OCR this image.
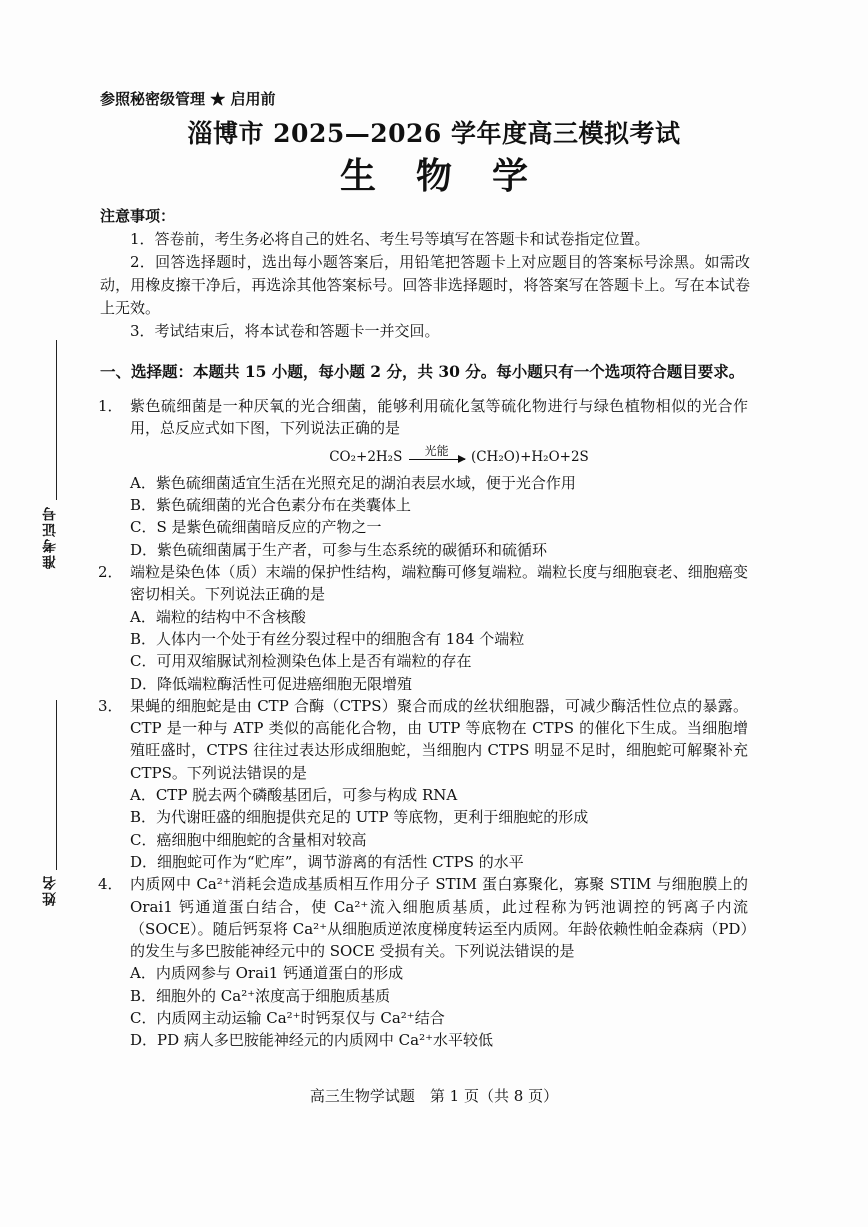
参照秘密级管理 ★ 启用前
淄博市 2025—2026 学年度高三模拟考试
生物学
注意事项：

1．答卷前，考生务必将自己的姓名、考生号等填写在答题卡和试卷指定位置。

2．回答选择题时，选出每小题答案后，用铅笔把答题卡上对应题目的答案标号涂黑。如需改动，用橡皮擦干净后，再选涂其他答案标号。回答非选择题时，将答案写在答题卡上。写在本试卷上无效。

3．考试结束后，将本试卷和答题卡一并交回。

一、选择题：本题共 15 小题，每小题 2 分，共 30 分。每小题只有一个选项符合题目要求。
1． 紫色硫细菌是一种厌氧的光合细菌，能够利用硫化氢等硫化物进行与绿色植物相似的光合作用，总反应式如下图，下列说法正确的是
CO₂+2H₂S	光能	(CH₂O)+H₂O+2S
A．紫色硫细菌适宜生活在光照充足的湖泊表层水域，便于光合作用
B．紫色硫细菌的光合色素分布在类囊体上
C．S 是紫色硫细菌暗反应的产物之一
D．紫色硫细菌属于生产者，可参与生态系统的碳循环和硫循环
2． 端粒是染色体（质）末端的保护性结构，端粒酶可修复端粒。端粒长度与细胞衰老、细胞癌变密切相关。下列说法正确的是
A．端粒的结构中不含核酸
B．人体内一个处于有丝分裂过程中的细胞含有 184 个端粒
C．可用双缩脲试剂检测染色体上是否有端粒的存在
D．降低端粒酶活性可促进癌细胞无限增殖
3． 果蝇的细胞蛇是由 CTP 合酶（CTPS）聚合而成的丝状细胞器，可减少酶活性位点的暴露。CTP 是一种与 ATP 类似的高能化合物，由 UTP 等底物在 CTPS 的催化下生成。当细胞增殖旺盛时，CTPS 往往过表达形成细胞蛇，当细胞内 CTPS 明显不足时，细胞蛇可解聚补充 CTPS。下列说法错误的是
A．CTP 脱去两个磷酸基团后，可参与构成 RNA
B．为代谢旺盛的细胞提供充足的 UTP 等底物，更利于细胞蛇的形成
C．癌细胞中细胞蛇的含量相对较高
D．细胞蛇可作为“贮库”，调节游离的有活性 CTPS 的水平
4． 内质网中 Ca²⁺消耗会造成基质相互作用分子 STIM 蛋白寡聚化，寡聚 STIM 与细胞膜上的 Orai1 钙通道蛋白结合，使 Ca²⁺流入细胞质基质，此过程称为钙池调控的钙离子内流（SOCE）。随后钙泵将 Ca²⁺从细胞质逆浓度梯度转运至内质网。年龄依赖性帕金森病（PD）的发生与多巴胺能神经元中的 SOCE 受损有关。下列说法错误的是
A．内质网参与 Orai1 钙通道蛋白的形成
B．细胞外的 Ca²⁺浓度高于细胞质基质
C．内质网主动运输 Ca²⁺时钙泵仅与 Ca²⁺结合
D．PD 病人多巴胺能神经元的内质网中 Ca²⁺水平较低
准考证号
姓名
高三生物学试题　第 1 页（共 8 页）
